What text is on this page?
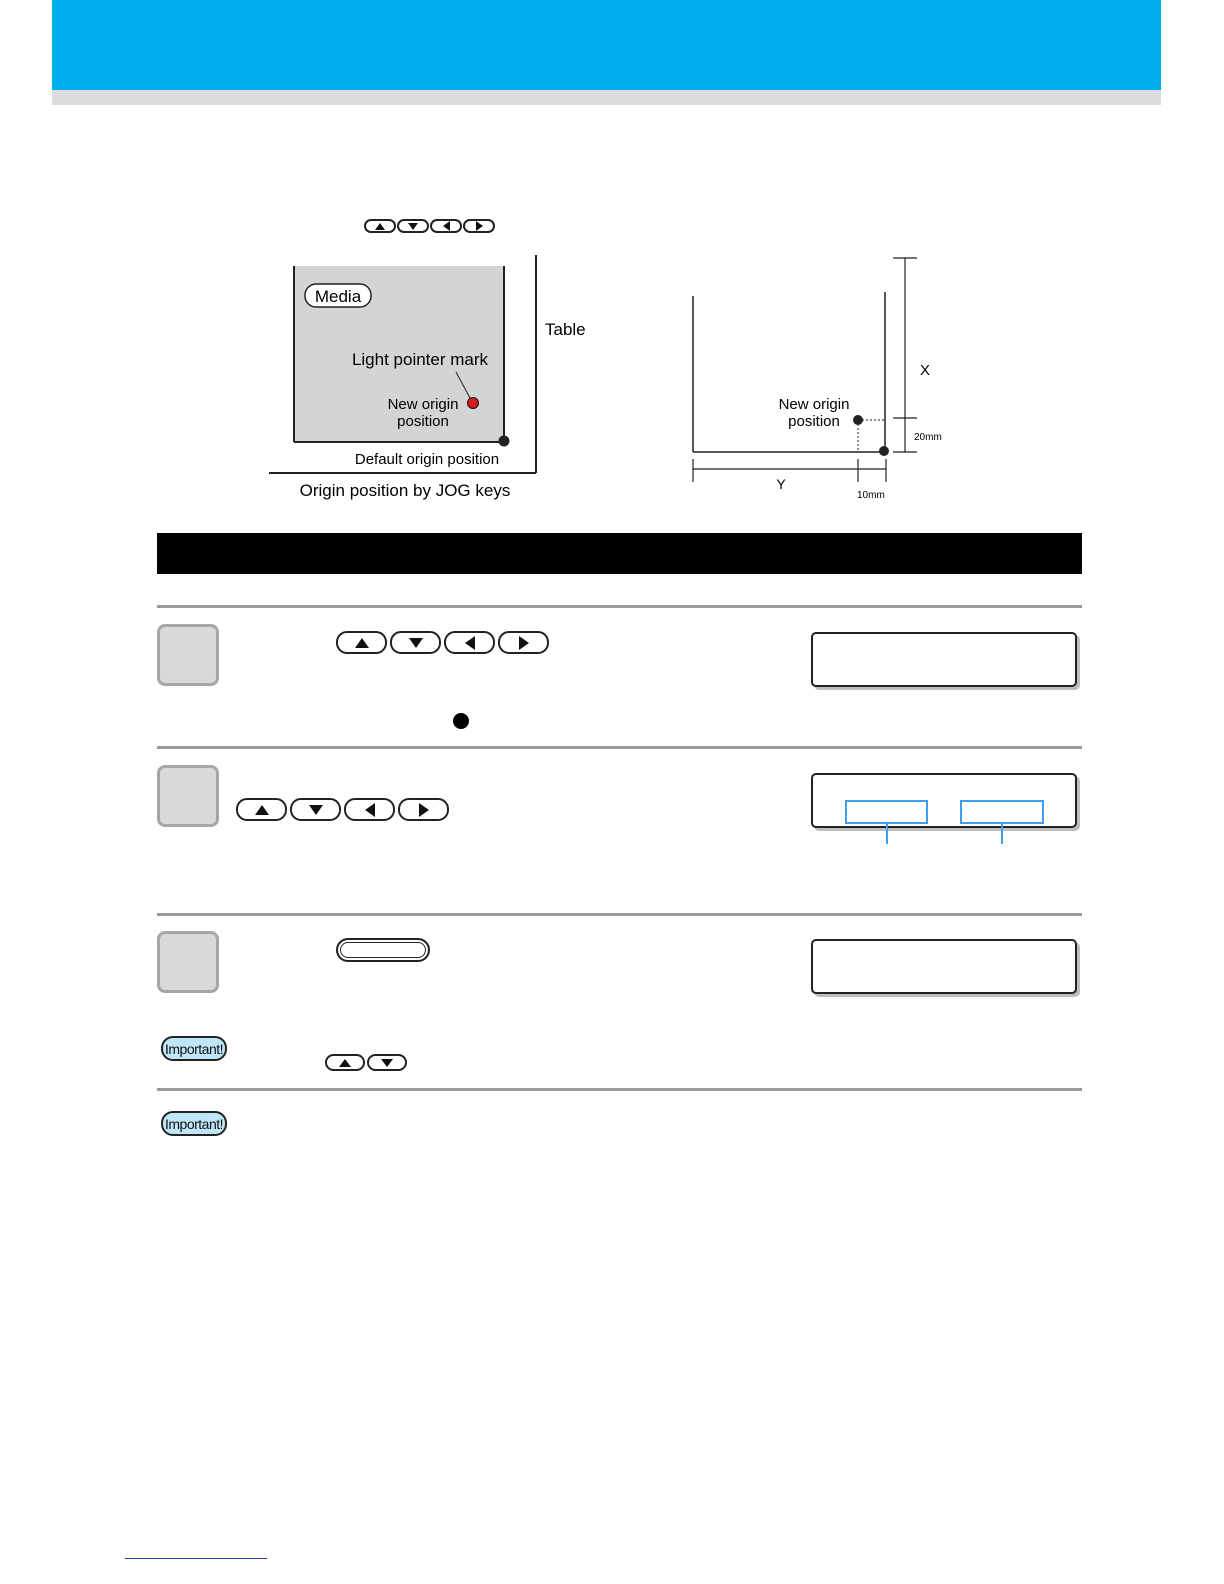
Media
Light pointer mark
New origin
position
Default origin position
Table
Origin position by JOG keys
New origin
position
X
20mm
Y
10mm
Important!
Important!
